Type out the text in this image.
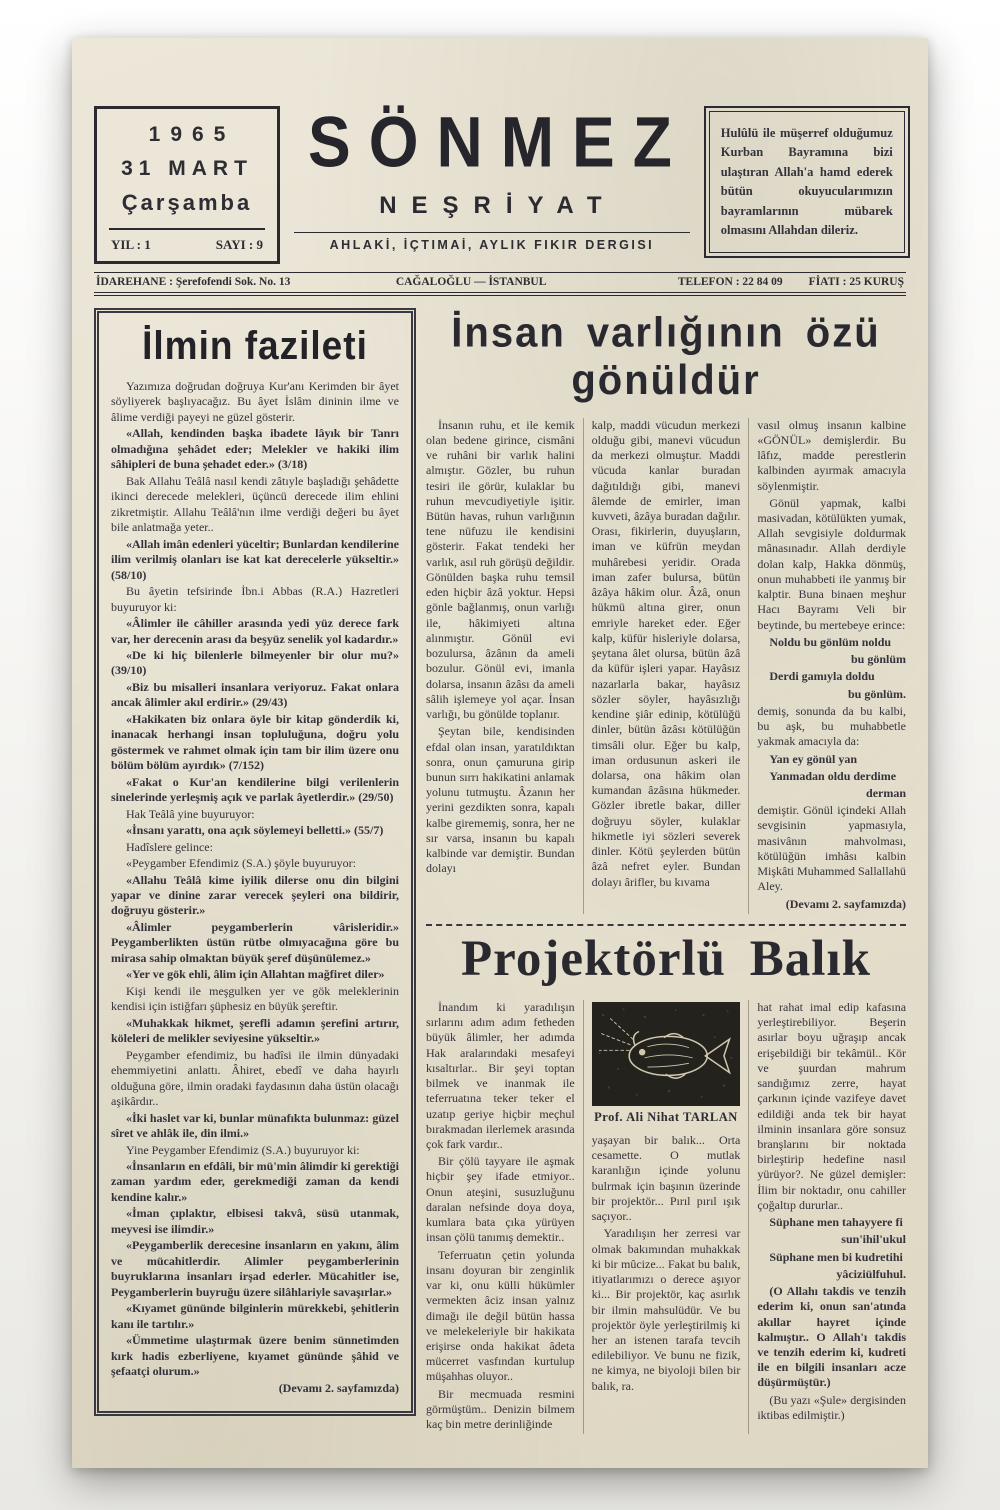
1965
31 MART
Çarşamba
YIL : 1	SAYI : 9
SÖNMEZ
NEŞRİYAT
AHLAKİ, İÇTIMAİ, AYLIK FIKIR DERGISI

Hulûlü ile müşerref olduğumuz Kurban Bayramına bizi ulaştıran Allah'a hamd ederek bütün okuyucularımızın bayramlarının mübarek olmasını Allahdan dileriz.

İDAREHANE : Şerefofendi Sok. No. 13	CAĞALOĞLU — İSTANBUL	TELEFON : 22 84 09 FİATI : 25 KURUŞ
İlmin fazileti

Yazımıza doğrudan doğruya Kur'anı Kerimden bir âyet söyliyerek başlıyacağız. Bu âyet İslâm dininin ilme ve âlime verdiği payeyi ne güzel gösterir.

«Allah, kendinden başka ibadete lâyık bir Tanrı olmadığına şehâdet eder; Melekler ve hakiki ilim sâhipleri de buna şehadet eder.» (3/18)

Bak Allahu Teâlâ nasıl kendi zâtıyle başladığı şehâdette ikinci derecede melekleri, üçüncü derecede ilim ehlini zikretmiştir. Allahu Teâlâ'nın ilme verdiği değeri bu âyet bile anlatmağa yeter..

«Allah imân edenleri yüceltir; Bunlardan kendilerine ilim verilmiş olanları ise kat kat derecelerle yükseltir.» (58/10)

Bu âyetin tefsirinde İbn.i Abbas (R.A.) Hazretleri buyuruyor ki:

«Âlimler ile câhiller arasında yedi yüz derece fark var, her derecenin arası da beşyüz senelik yol kadardır.»

«De ki hiç bilenlerle bilmeyenler bir olur mu?» (39/10)

«Biz bu misalleri insanlara veriyoruz. Fakat onlara ancak âlimler akıl erdirir.» (29/43)

«Hakikaten biz onlara öyle bir kitap gönderdik ki, inanacak herhangi insan topluluğuna, doğru yolu göstermek ve rahmet olmak için tam bir ilim üzere onu bölüm bölüm ayırdık» (7/152)

«Fakat o Kur'an kendilerine bilgi verilenlerin sinelerinde yerleşmiş açık ve parlak âyetlerdir.» (29/50)

Hak Teâlâ yine buyuruyor:

«İnsanı yarattı, ona açık söylemeyi belletti.» (55/7)

Hadîslere gelince:

«Peygamber Efendimiz (S.A.) şöyle buyuruyor:

«Allahu Teâlâ kime iyilik dilerse onu din bilgini yapar ve dinine zarar verecek şeyleri ona bildirir, doğruyu gösterir.»

«Âlimler peygamberlerin vârisleridir.» Peygamberlikten üstün rütbe olmıyacağına göre bu mirasa sahip olmaktan büyük şeref düşünülemez.»

«Yer ve gök ehli, âlim için Allahtan mağfiret diler»

Kişi kendi ile meşgulken yer ve gök meleklerinin kendisi için istiğfarı şüphesiz en büyük şereftir.

«Muhakkak hikmet, şerefli adamın şerefini artırır, köleleri de melikler seviyesine yükseltir.»

Peygamber efendimiz, bu hadîsi ile ilmin dünyadaki ehemmiyetini anlattı. Âhiret, ebedî ve daha hayırlı olduğuna göre, ilmin oradaki faydasının daha üstün olacağı aşikârdır..

«İki haslet var ki, bunlar münafıkta bulunmaz: güzel sîret ve ahlâk ile, din ilmi.»

Yine Peygamber Efendimiz (S.A.) buyuruyor ki:

«İnsanların en efdâli, bir mü'min âlimdir ki gerektiği zaman yardım eder, gerekmediği zaman da kendi kendine kalır.»

«İman çıplaktır, elbisesi takvâ, süsü utanmak, meyvesi ise ilimdir.»

«Peygamberlik derecesine insanların en yakını, âlim ve mücahitlerdir. Alimler peygamberlerinin buyruklarına insanları irşad ederler. Mücahitler ise, Peygamberlerin buyruğu üzere silâhlariyle savaşırlar.»

«Kıyamet gününde bilginlerin mürekkebi, şehitlerin kanı ile tartılır.»

«Ümmetime ulaştırmak üzere benim sünnetimden kırk hadis ezberliyene, kıyamet gününde şâhid ve şefaatçi olurum.»

(Devamı 2. sayfamızda)

İnsan varlığının özü gönüldür

İnsanın ruhu, et ile kemik olan bedene girince, cismâni ve ruhâni bir varlık halini almıştır. Gözler, bu ruhun tesiri ile görür, kulaklar bu ruhun mevcudiyetiyle işitir. Bütün havas, ruhun varlığının tene nüfuzu ile kendisini gösterir. Fakat tendeki her varlık, asıl ruh görüşü değildir. Gönülden başka ruhu temsil eden hiçbir âzâ yoktur. Hepsi gönle bağlanmış, onun varlığı ile, hâkimiyeti altına alınmıştır. Gönül evi bozulursa, âzânın da ameli bozulur. Gönül evi, imanla dolarsa, insanın âzâsı da ameli sâlih işlemeye yol açar. İnsan varlığı, bu gönülde toplanır.

Şeytan bile, kendisinden efdal olan insan, yaratıldıktan sonra, onun çamuruna girip bunun sırrı hakikatini anlamak yolunu tutmuştu. Âzanın her yerini gezdikten sonra, kapalı kalbe girememiş, sonra, her ne sır varsa, insanın bu kapalı kalbinde var demiştir. Bundan dolayı

kalp, maddi vücudun merkezi olduğu gibi, manevi vücudun da merkezi olmuştur. Maddi vücuda kanlar buradan dağıtıldığı gibi, manevi âlemde de emirler, iman kuvveti, âzâya buradan dağılır. Orası, fikirlerin, duyuşların, iman ve küfrün meydan muhârebesi yeridir. Orada iman zafer bulursa, bütün âzâya hâkim olur. Âzâ, onun hükmü altına girer, onun emriyle hareket eder. Eğer kalp, küfür hisleriyle dolarsa, şeytana âlet olursa, bütün âzâ da küfür işleri yapar. Hayâsız nazarlarla bakar, hayâsız sözler söyler, hayâsızlığı kendine şiâr edinip, kötülüğü dinler, bütün âzâsı kötülüğün timsâli olur. Eğer bu kalp, iman ordusunun askeri ile dolarsa, ona hâkim olan kumandan âzâsına hükmeder. Gözler ibretle bakar, diller doğruyu söyler, kulaklar hikmetle iyi sözleri severek dinler. Kötü şeylerden bütün âzâ nefret eyler. Bundan dolayı ârifler, bu kıvama

vasıl olmuş insanın kalbine «GÖNÜL» demişlerdir. Bu lâfız, madde perestlerin kalbinden ayırmak amacıyla söylenmiştir.

Gönül yapmak, kalbi masivadan, kötülükten yumak, Allah sevgisiyle doldurmak mânasınadır. Allah derdiyle dolan kalp, Hakka dönmüş, onun muhabbeti ile yanmış bir kalptir. Buna binaen meşhur Hacı Bayramı Veli bir beytinde, bu mertebeye erince:

Noldu bu gönlüm noldu

bu gönlüm

Derdi gamıyla doldu

bu gönlüm.

demiş, sonunda da bu kalbi, bu aşk, bu muhabbetle yakmak amacıyla da:

Yan ey gönül yan

Yanmadan oldu derdime

derman

demiştir. Gönül içindeki Allah sevgisinin yapmasıyla, masivânın mahvolması, kötülüğün imhâsı kalbin Mişkâti Muhammed Sallallahü Aley.

(Devamı 2. sayfamızda)

Projektörlü Balık

İnandım ki yaradılışın sırlarını adım adım fetheden büyük âlimler, her adımda Hak aralarındaki mesafeyi kısaltırlar.. Bir şeyi toptan bilmek ve inanmak ile teferruatına teker teker el uzatıp geriye hiçbir meçhul bırakmadan ilerlemek arasında çok fark vardır..

Bir çölü tayyare ile aşmak hiçbir şey ifade etmiyor.. Onun ateşini, susuzluğunu daralan nefsinde doya doya, kumlara bata çıka yürüyen insan çölü tanımış demektir..

Teferruatın çetin yolunda insanı doyuran bir zenginlik var ki, onu külli hükümler vermekten âciz insan yalnız dimağı ile değil bütün hassa ve melekeleriyle bir hakikata erişirse onda hakikat âdeta mücerret vasfından kurtulup müşahhas oluyor..

Bir mecmuada resmini görmüştüm.. Denizin bilmem kaç bin metre derinliğinde

Prof. Ali Nihat TARLAN

yaşayan bir balık... Orta cesamette. O mutlak karanlığın içinde yolunu bulrmak için başının üzerinde bir projektör... Pırıl pırıl ışık saçıyor..

Yaradılışın her zerresi var olmak bakımından muhakkak ki bir mûcize... Fakat bu balık, itiyatlarımızı o derece aşıyor ki... Bir projektör, kaç asırlık bir ilmin mahsulüdür. Ve bu projektör öyle yerleştirilmiş ki her an istenen tarafa tevcih edilebiliyor. Ve bunu ne fizik, ne kimya, ne biyoloji bilen bir balık, ra.

hat rahat imal edip kafasına yerleştirebiliyor. Beşerin asırlar boyu uğraşıp ancak erişebildiği bir tekâmül.. Kör ve şuurdan mahrum sandığımız zerre, hayat çarkının içinde vazifeye davet edildiği anda tek bir hayat ilminin insanlara göre sonsuz branşlarını bir noktada birleştirip hedefine nasıl yürüyor?. Ne güzel demişler: İlim bir noktadır, onu cahiller çoğaltıp dururlar..

Süphane men tahayyere fi

sun'ihil'ukul

Süphane men bi kudretihi

yâciziülfuhul.

(O Allahı takdis ve tenzih ederim ki, onun san'atında akıllar hayret içinde kalmıştır.. O Allah'ı takdis ve tenzih ederim ki, kudreti ile en bilgili insanları acze düşürmüştür.)

(Bu yazı «Şule» dergisinden iktibas edilmiştir.)
